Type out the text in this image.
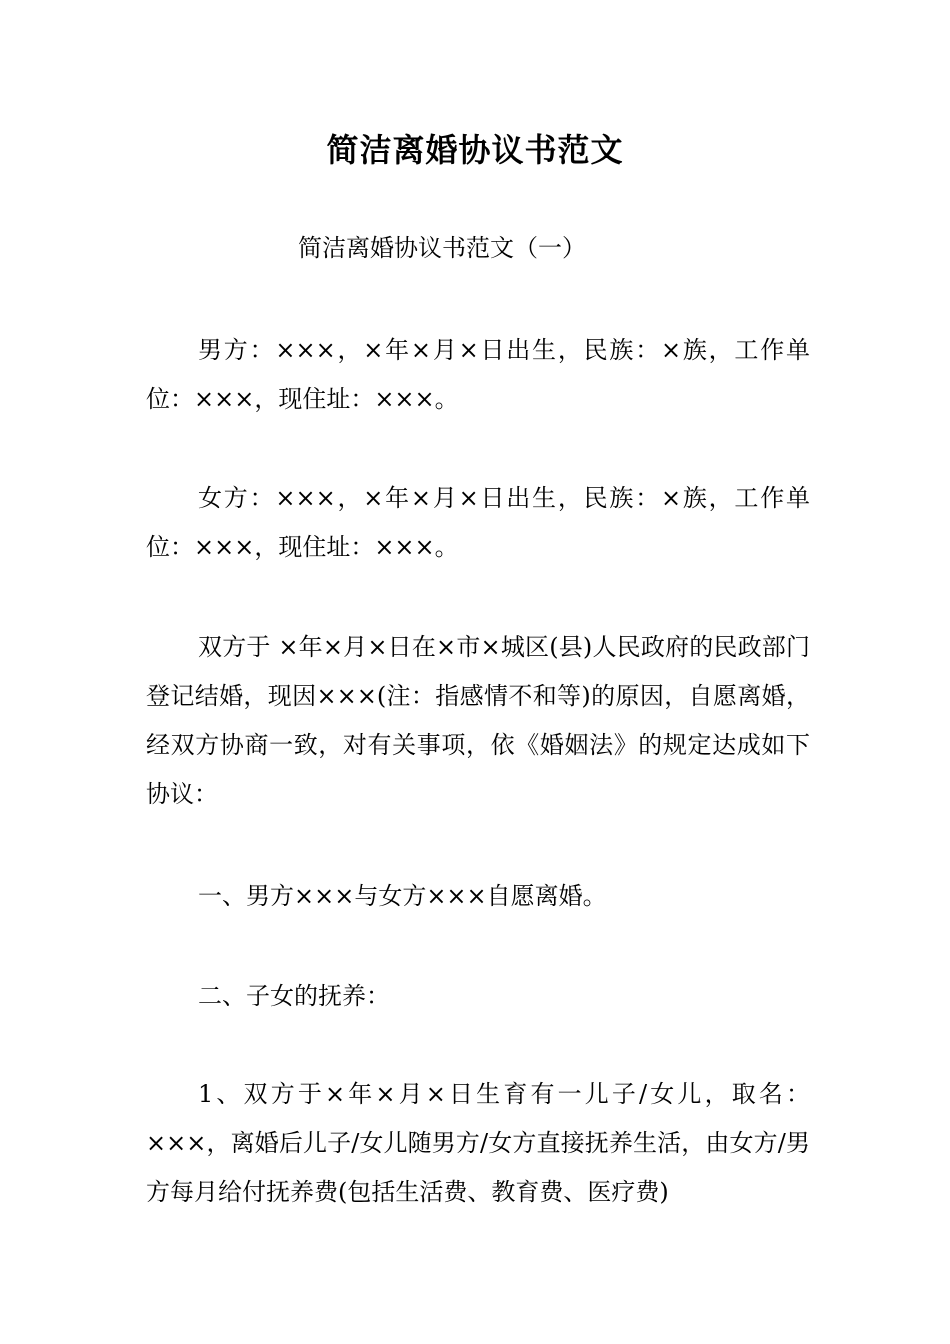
简洁离婚协议书范文
简洁离婚协议书范文（一）

男方：×××，×年×月×日出生，民族：×族，工作单位：×××，现住址：×××。

女方：×××，×年×月×日出生，民族：×族，工作单位：×××，现住址：×××。

双方于 ×年×月×日在×市×城区(县)人民政府的民政部门登记结婚，现因×××(注：指感情不和等)的原因，自愿离婚，经双方协商一致，对有关事项，依《婚姻法》的规定达成如下协议：

一、男方×××与女方×××自愿离婚。

二、子女的抚养：

1、双方于×年×月×日生育有一儿子/女儿，取名：×××，离婚后儿子/女儿随男方/女方直接抚养生活，由女方/男方每月给付抚养费(包括生活费、教育费、医疗费)
